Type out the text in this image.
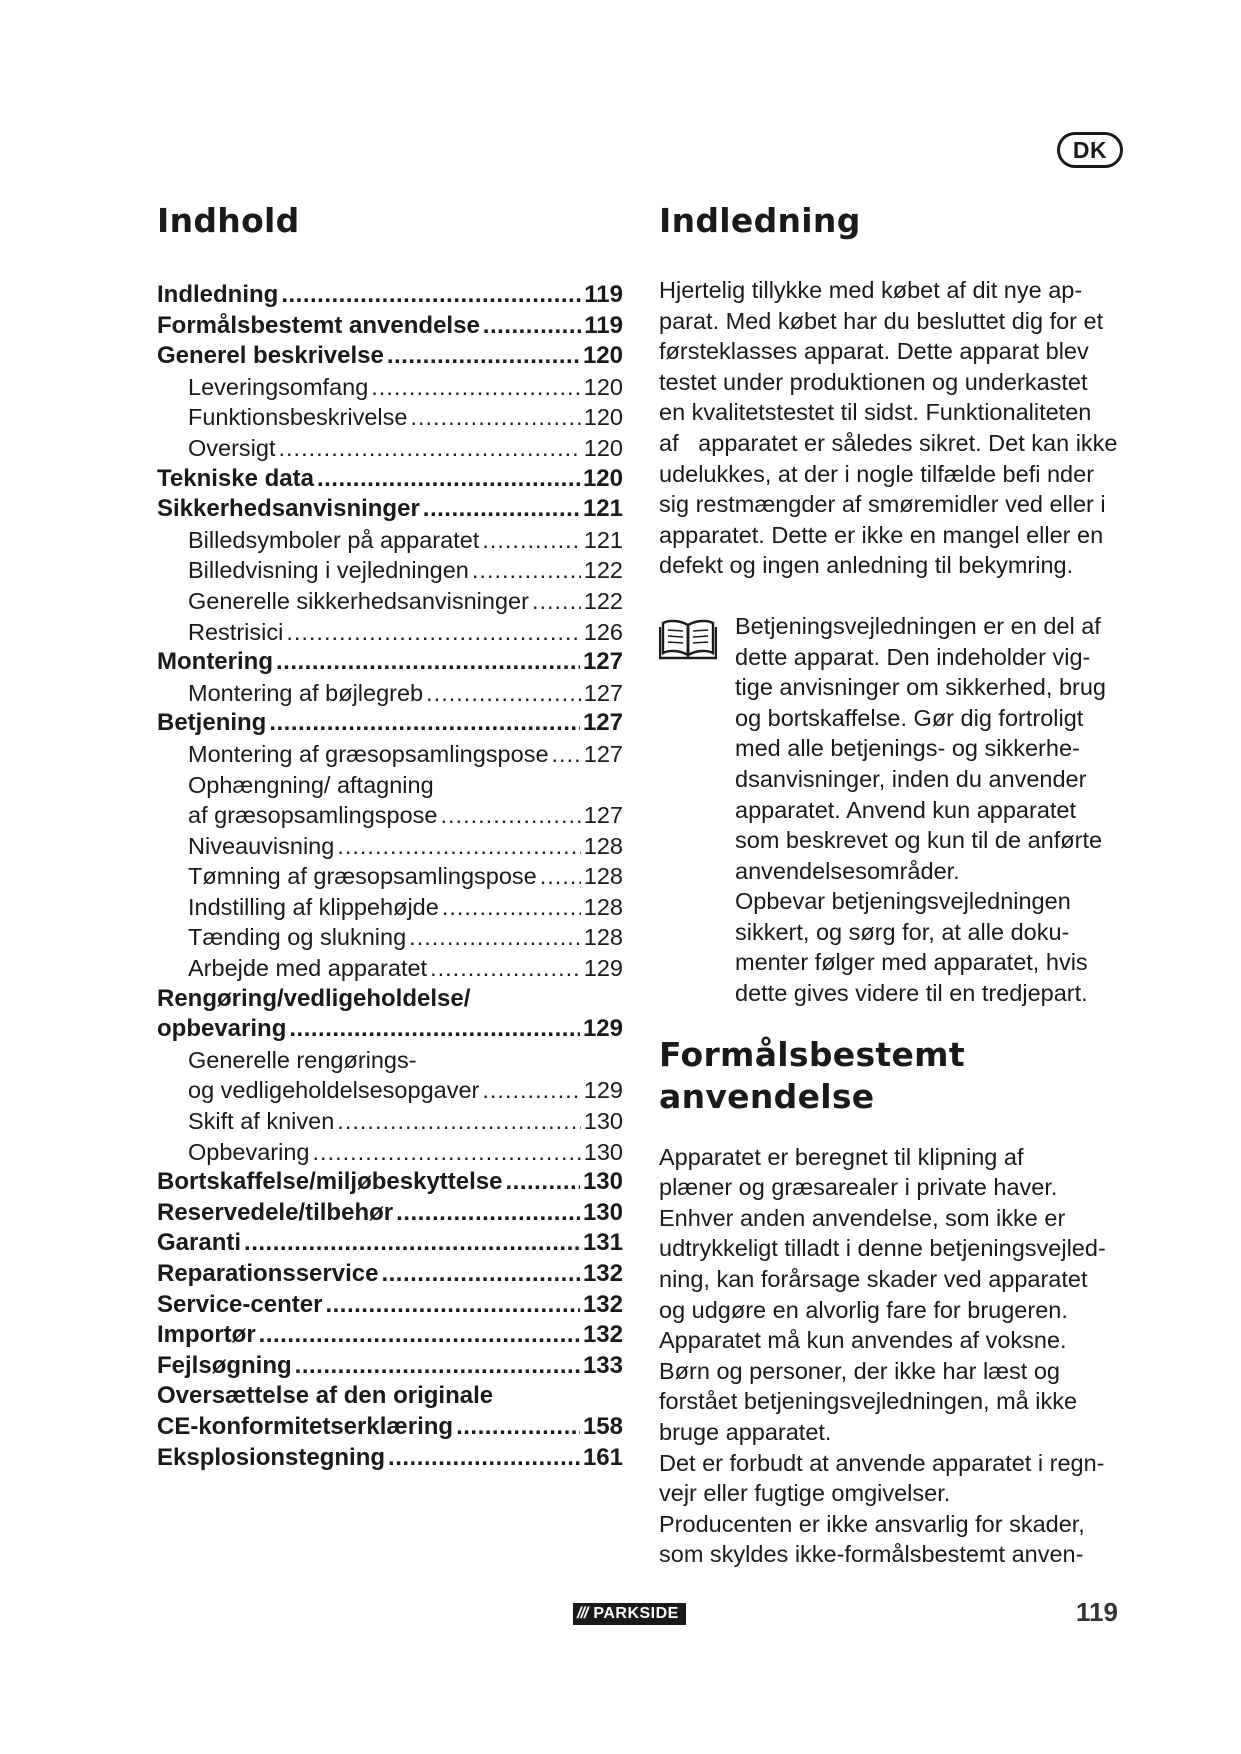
DK
Indhold
Indledning .....	119
Formålsbestemt anvendelse .....	119
Generel beskrivelse .....	120
Leveringsomfang .....	120
Funktionsbeskrivelse .....	120
Oversigt .....	120
Tekniske data .....	120
Sikkerhedsanvisninger .....	121
Billedsymboler på apparatet .....	121
Billedvisning i vejledningen .....	122
Generelle sikkerhedsanvisninger ..... 122
Restrisici .....	126
Montering .....	127
Montering af bøjlegreb .....	127
Betjening .....	127
Montering af græsopsamlingspose ..... 127
Ophængning/ aftagning
af græsopsamlingspose .....	127
Niveauvisning .....	128
Tømning af græsopsamlingspose ..... 128
Indstilling af klippehøjde .....	128
Tænding og slukning .....	128
Arbejde med apparatet .....	129
Rengøring/vedligeholdelse/
opbevaring .....	129
Generelle rengørings-
og vedligeholdelsesopgaver .....	129
Skift af kniven .....	130
Opbevaring .....	130
Bortskaffelse/miljøbeskyttelse .....	130
Reservedele/tilbehør .....	130
Garanti .....	131
Reparationsservice .....	132
Service-center .....	132
Importør .....	132
Fejlsøgning .....	133
Oversættelse af den originale
CE-konformitetserklæring .....	158
Eksplosionstegning .....	161
Indledning

Hjertelig tillykke med købet af dit nye ap-

parat. Med købet har du besluttet dig for et

førsteklasses apparat. Dette apparat blev

testet under produktionen og underkastet

en kvalitetstestet til sidst. Funktionaliteten

af   apparatet er således sikret. Det kan ikke

udelukkes, at der i nogle tilfælde befi nder

sig restmængder af smøremidler ved eller i

apparatet. Dette er ikke en mangel eller en

defekt og ingen anledning til bekymring.

Betjeningsvejledningen er en del af

dette apparat. Den indeholder vig-

tige anvisninger om sikkerhed, brug

og bortskaffelse. Gør dig fortroligt

med alle betjenings- og sikkerhe-

dsanvisninger, inden du anvender

apparatet. Anvend kun apparatet

som beskrevet og kun til de anførte

anvendelsesområder.

Opbevar betjeningsvejledningen

sikkert, og sørg for, at alle doku-

menter følger med apparatet, hvis

dette gives videre til en tredjepart.

Formålsbestemt
anvendelse

Apparatet er beregnet til klipning af

plæner og græsarealer i private haver.

Enhver anden anvendelse, som ikke er

udtrykkeligt tilladt i denne betjeningsvejled-

ning, kan forårsage skader ved apparatet

og udgøre en alvorlig fare for brugeren.

Apparatet må kun anvendes af voksne.

Børn og personer, der ikke har læst og

forstået betjeningsvejledningen, må ikke

bruge apparatet.

Det er forbudt at anvende apparatet i regn-

vejr eller fugtige omgivelser.

Producenten er ikke ansvarlig for skader,

som skyldes ikke-formålsbestemt anven-

/// PARKSIDE	119
